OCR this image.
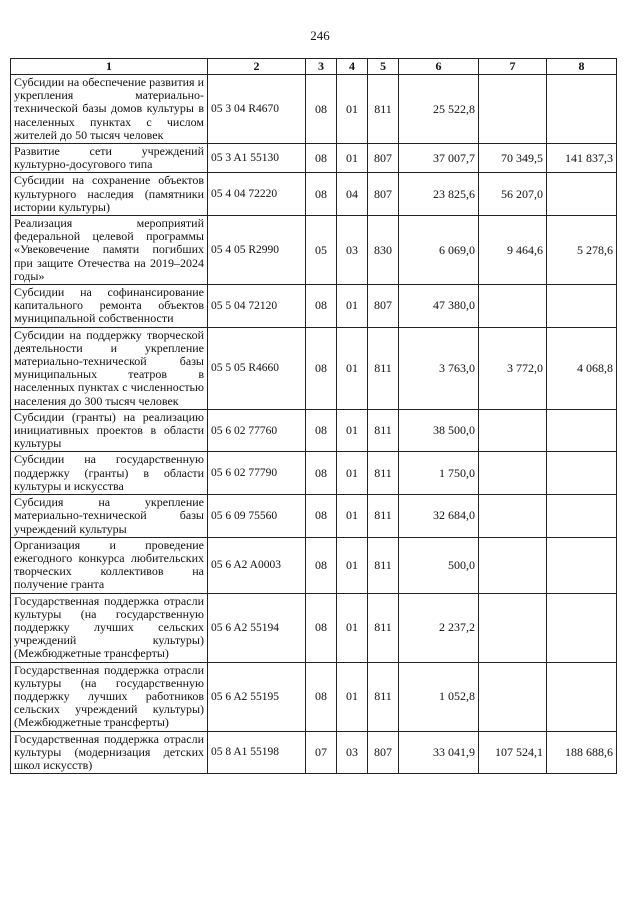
246
1	2	3	4	5	6	7	8
Субсидии на обеспечение развития и укрепления материально-технической базы домов культуры в населенных пунктах с числом жителей до 50 тысяч человек	05 3 04 R4670	08	01	811	25 522,8		
Развитие сети учреждений культурно-досугового типа	05 3 A1 55130	08	01	807	37 007,7	70 349,5	141 837,3
Субсидии на сохранение объектов культурного наследия (памятники истории культуры)	05 4 04 72220	08	04	807	23 825,6	56 207,0	
Реализация мероприятий федеральной целевой программы «Увековечение памяти погибших при защите Отечества на 2019–2024 годы»	05 4 05 R2990	05	03	830	6 069,0	9 464,6	5 278,6
Субсидии на софинансирование капитального ремонта объектов муниципальной собственности	05 5 04 72120	08	01	807	47 380,0		
Субсидии на поддержку творческой деятельности и укрепление материально-технической базы муниципальных театров в населенных пунктах с численностью населения до 300 тысяч человек	05 5 05 R4660	08	01	811	3 763,0	3 772,0	4 068,8
Субсидии (гранты) на реализацию инициативных проектов в области культуры	05 6 02 77760	08	01	811	38 500,0		
Субсидии на государственную поддержку (гранты) в области культуры и искусства	05 6 02 77790	08	01	811	1 750,0		
Субсидия на укрепление материально-технической базы учреждений культуры	05 6 09 75560	08	01	811	32 684,0		
Организация и проведение ежегодного конкурса любительских творческих коллективов на получение гранта	05 6 A2 A0003	08	01	811	500,0		
Государственная поддержка отрасли культуры (на государственную поддержку лучших сельских учреждений культуры) (Межбюджетные трансферты)	05 6 A2 55194	08	01	811	2 237,2		
Государственная поддержка отрасли культуры (на государственную поддержку лучших работников сельских учреждений культуры) (Межбюджетные трансферты)	05 6 A2 55195	08	01	811	1 052,8		
Государственная поддержка отрасли культуры (модернизация детских школ искусств)	05 8 A1 55198	07	03	807	33 041,9	107 524,1	188 688,6
